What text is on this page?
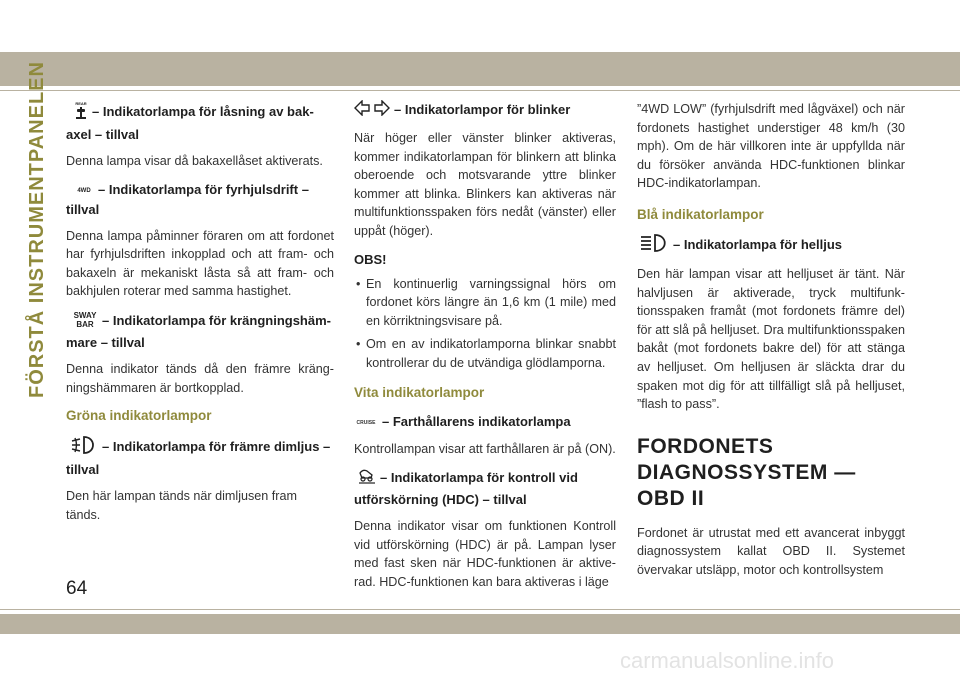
FÖRSTÅ INSTRUMENTPANELEN
64
REAR
– Indikatorlampa för låsning av bakaxel – tillval
Denna lampa visar då bakaxellåset aktiverats.
4WD – Indikatorlampa för fyrhjulsdrift – tillval
Denna lampa påminner föraren om att fordonet har fyrhjulsdriften inkopplad och att fram- och bakaxeln är mekaniskt låsta så att fram- och bakhjulen roterar med samma hastighet.
SWAY
BAR – Indikatorlampa för krängningshämmare – tillval
Denna indikator tänds då den främre krängningshämmaren är bortkopplad.
Gröna indikatorlampor
– Indikatorlampa för främre dimljus – tillval
Den här lampan tänds när dimljusen fram tänds.
– Indikatorlampor för blinker
När höger eller vänster blinker aktiveras, kommer indikatorlampan för blinkern att blinka oberoende och motsvarande yttre blinker kommer att blinka. Blinkers kan aktiveras när multifunktionsspaken förs nedåt (vänster) eller uppåt (höger).
OBS!
• En kontinuerlig varningssignal hörs om fordonet körs längre än 1,6 km (1 mile) med en körriktningsvisare på.
• Om en av indikatorlamporna blinkar snabbt kontrollerar du de utvändiga glödlamporna.
Vita indikatorlampor
CRUISE – Farthållarens indikatorlampa
Kontrollampan visar att farthållaren är på (ON).
– Indikatorlampa för kontroll vid utförskörning (HDC) – tillval
Denna indikator visar om funktionen Kontroll vid utförskörning (HDC) är på. Lampan lyser med fast sken när HDC-funktionen är aktiverad. HDC-funktionen kan bara aktiveras i läge
”4WD LOW” (fyrhjulsdrift med lågväxel) och när fordonets hastighet understiger 48 km/h (30 mph). Om de här villkoren inte är uppfyllda när du försöker använda HDC-funktionen blinkar HDC-indikatorlampan.
Blå indikatorlampor
– Indikatorlampa för helljus
Den här lampan visar att helljuset är tänt. När halvljusen är aktiverade, tryck multifunktionsspaken framåt (mot fordonets främre del) för att slå på helljuset. Dra multifunktionsspaken bakåt (mot fordonets bakre del) för att stänga av helljuset. Om helljusen är släckta drar du spaken mot dig för att tillfälligt slå på helljuset, ”flash to pass”.
FORDONETS
DIAGNOSSYSTEM — OBD II
Fordonet är utrustat med ett avancerat inbyggt diagnossystem kallat OBD II. Systemet övervakar utsläpp, motor och kontrollsystem
carmanualsonline.info
